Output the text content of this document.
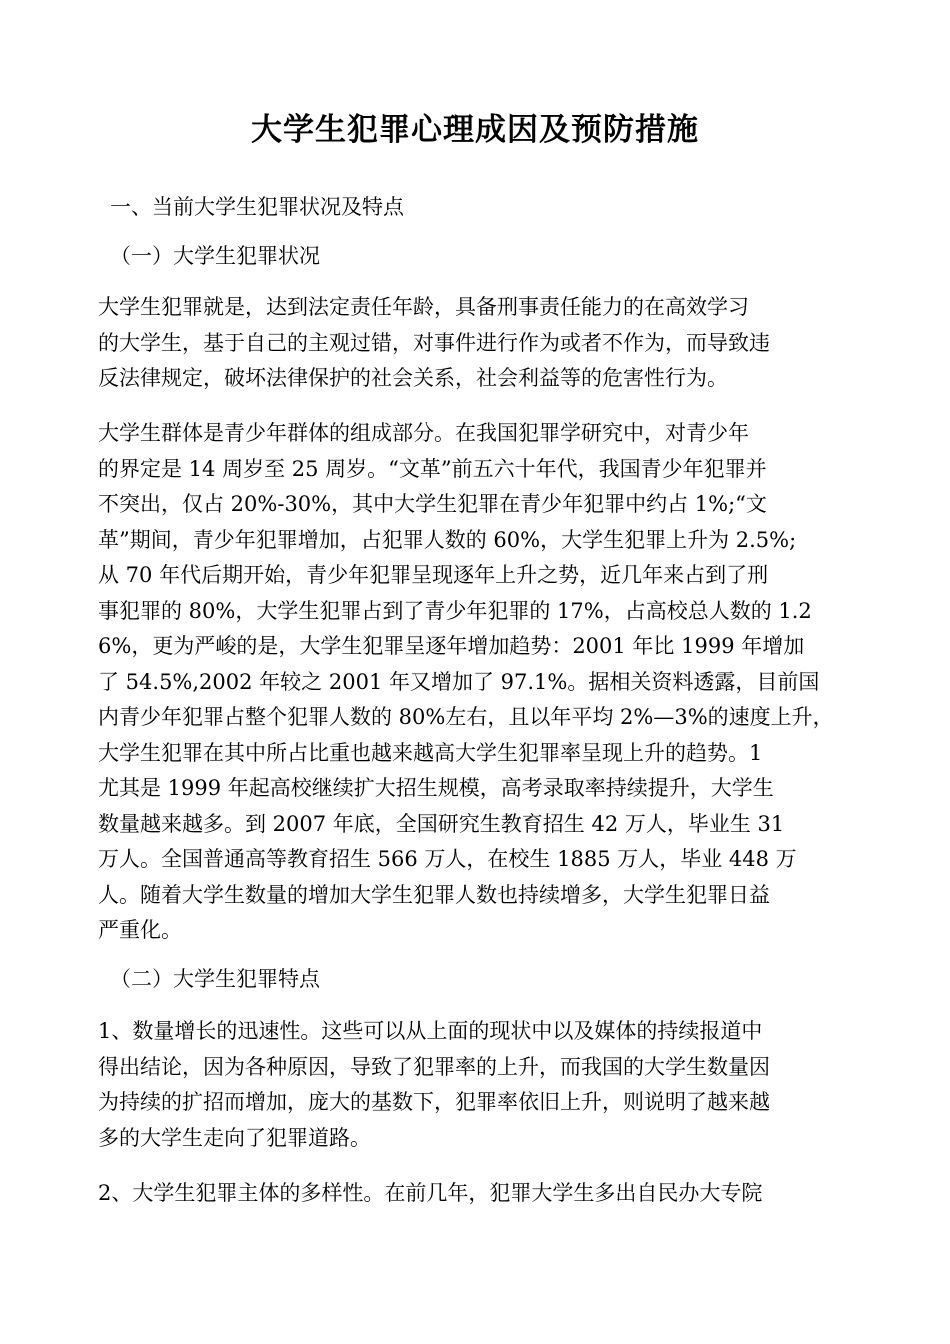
大学生犯罪心理成因及预防措施
一、当前大学生犯罪状况及特点
（一）大学生犯罪状况
大学生犯罪就是，达到法定责任年龄，具备刑事责任能力的在高效学习
的大学生，基于自己的主观过错，对事件进行作为或者不作为，而导致违
反法律规定，破坏法律保护的社会关系，社会利益等的危害性行为。
大学生群体是青少年群体的组成部分。在我国犯罪学研究中，对青少年
的界定是 14 周岁至 25 周岁。“文革”前五六十年代，我国青少年犯罪并
不突出，仅占 20%-30%，其中大学生犯罪在青少年犯罪中约占 1%;“文
革”期间，青少年犯罪增加，占犯罪人数的 60%，大学生犯罪上升为 2.5%;
从 70 年代后期开始，青少年犯罪呈现逐年上升之势，近几年来占到了刑
事犯罪的 80%，大学生犯罪占到了青少年犯罪的 17%，占高校总人数的 1.2
6%，更为严峻的是，大学生犯罪呈逐年增加趋势：2001 年比 1999 年增加
了 54.5%,2002 年较之 2001 年又增加了 97.1%。据相关资料透露，目前国
内青少年犯罪占整个犯罪人数的 80%左右，且以年平均 2%—3%的速度上升，
大学生犯罪在其中所占比重也越来越高大学生犯罪率呈现上升的趋势。1
尤其是 1999 年起高校继续扩大招生规模，高考录取率持续提升，大学生
数量越来越多。到 2007 年底，全国研究生教育招生 42 万人，毕业生 31
万人。全国普通高等教育招生 566 万人，在校生 1885 万人，毕业 448 万
人。随着大学生数量的增加大学生犯罪人数也持续增多，大学生犯罪日益
严重化。
（二）大学生犯罪特点
1、数量增长的迅速性。这些可以从上面的现状中以及媒体的持续报道中
得出结论，因为各种原因，导致了犯罪率的上升，而我国的大学生数量因
为持续的扩招而增加，庞大的基数下，犯罪率依旧上升，则说明了越来越
多的大学生走向了犯罪道路。
2、大学生犯罪主体的多样性。在前几年，犯罪大学生多出自民办大专院
